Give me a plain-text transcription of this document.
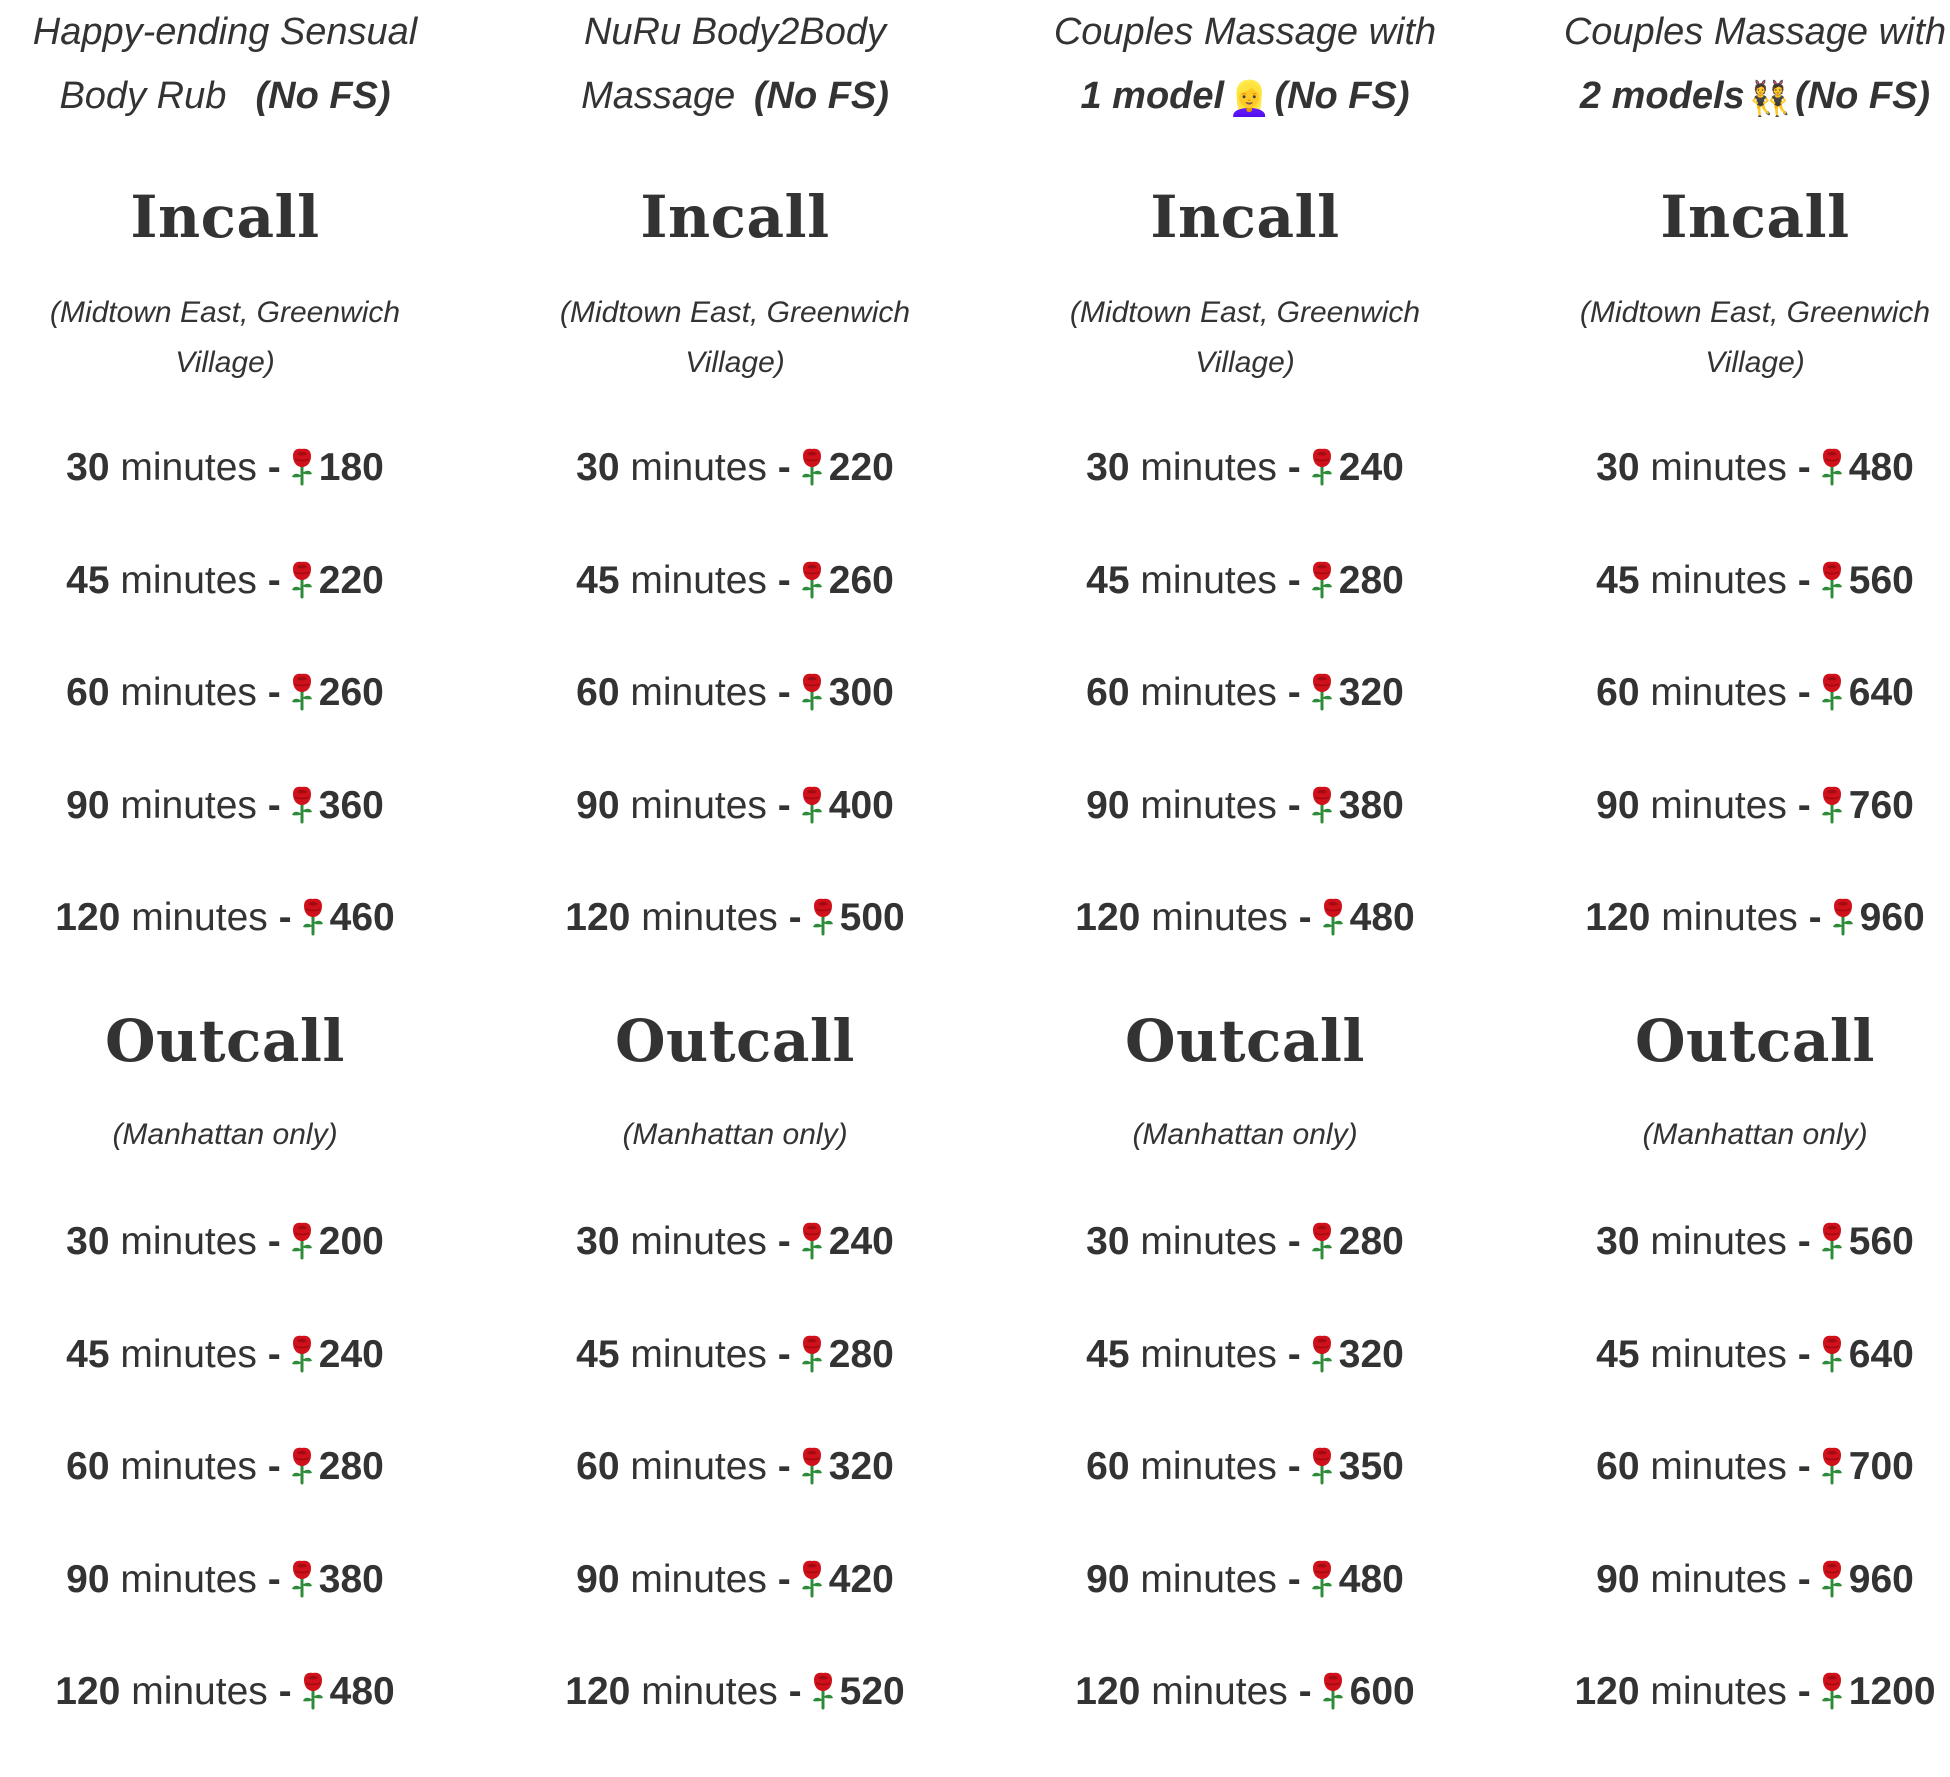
Happy-ending Sensual
Body Rub (No FS)
Incall
(Midtown East, Greenwich Village)
30 minutes - 180
45 minutes - 220
60 minutes - 260
90 minutes - 360
120 minutes - 460
Outcall
(Manhattan only)
30 minutes - 200
45 minutes - 240
60 minutes - 280
90 minutes - 380
120 minutes - 480
NuRu Body2Body
Massage (No FS)
Incall
(Midtown East, Greenwich Village)
30 minutes - 220
45 minutes - 260
60 minutes - 300
90 minutes - 400
120 minutes - 500
Outcall
(Manhattan only)
30 minutes - 240
45 minutes - 280
60 minutes - 320
90 minutes - 420
120 minutes - 520
Couples Massage with
1 model 👱‍♀️ (No FS)
Incall
(Midtown East, Greenwich Village)
30 minutes - 240
45 minutes - 280
60 minutes - 320
90 minutes - 380
120 minutes - 480
Outcall
(Manhattan only)
30 minutes - 280
45 minutes - 320
60 minutes - 350
90 minutes - 480
120 minutes - 600
Couples Massage with
2 models 👯 (No FS)
Incall
(Midtown East, Greenwich Village)
30 minutes - 480
45 minutes - 560
60 minutes - 640
90 minutes - 760
120 minutes - 960
Outcall
(Manhattan only)
30 minutes - 560
45 minutes - 640
60 minutes - 700
90 minutes - 960
120 minutes - 1200
